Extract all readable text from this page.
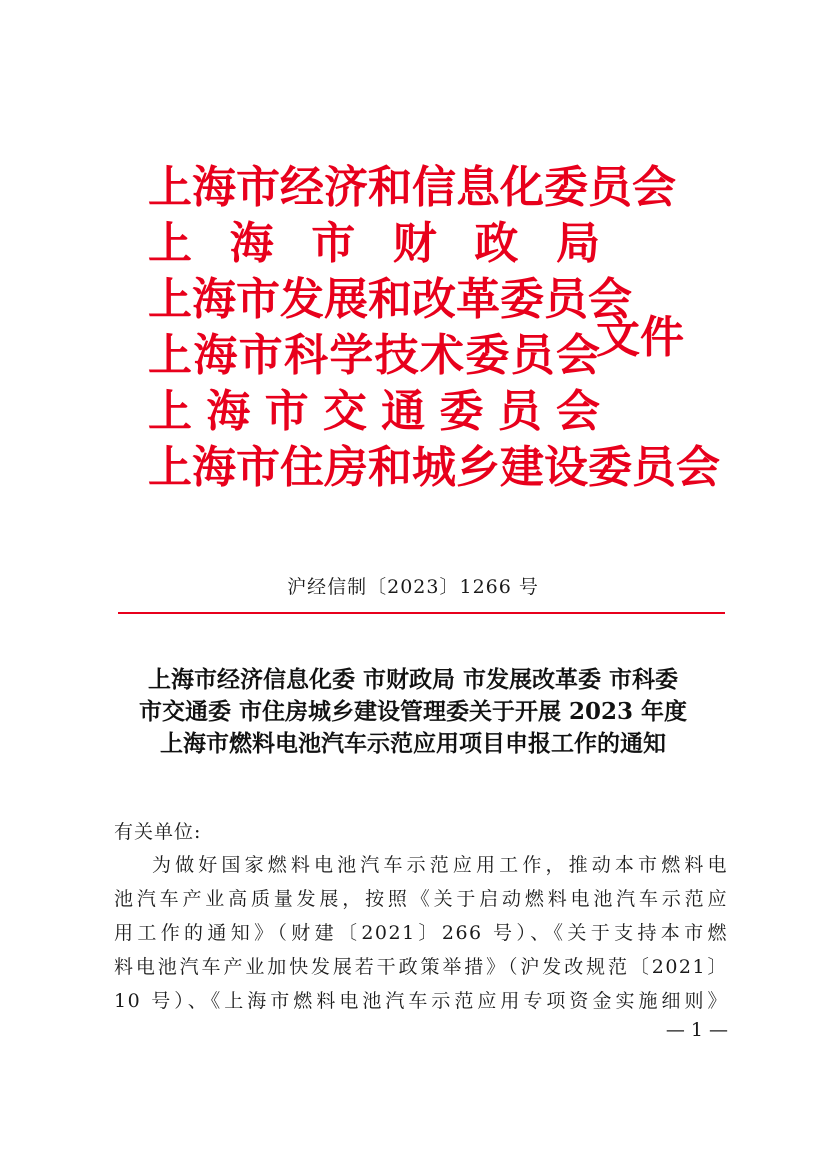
上海市经济和信息化委员会
上 海 市 财 政 局
上海市发展和改革委员会
上 海 市 科 学 技 术 委 员 会
上 海 市 交 通 委 员 会
上海市住房和城乡建设委员会
文件
沪经信制〔2023〕1266 号
上海市经济信息化委 市财政局 市发展改革委 市科委
市交通委 市住房城乡建设管理委关于开展 2023 年度
上海市燃料电池汽车示范应用项目申报工作的通知
有关单位:
为做好国家燃料电池汽车示范应用工作，推动本市燃料电
池汽车产业高质量发展，按照《关于启动燃料电池汽车示范应
用工作的通知》（财建〔2021〕266 号）、《关于支持本市燃
料电池汽车产业加快发展若干政策举措》（沪发改规范〔2021〕
10 号）、《上海市燃料电池汽车示范应用专项资金实施细则》
— 1 —
